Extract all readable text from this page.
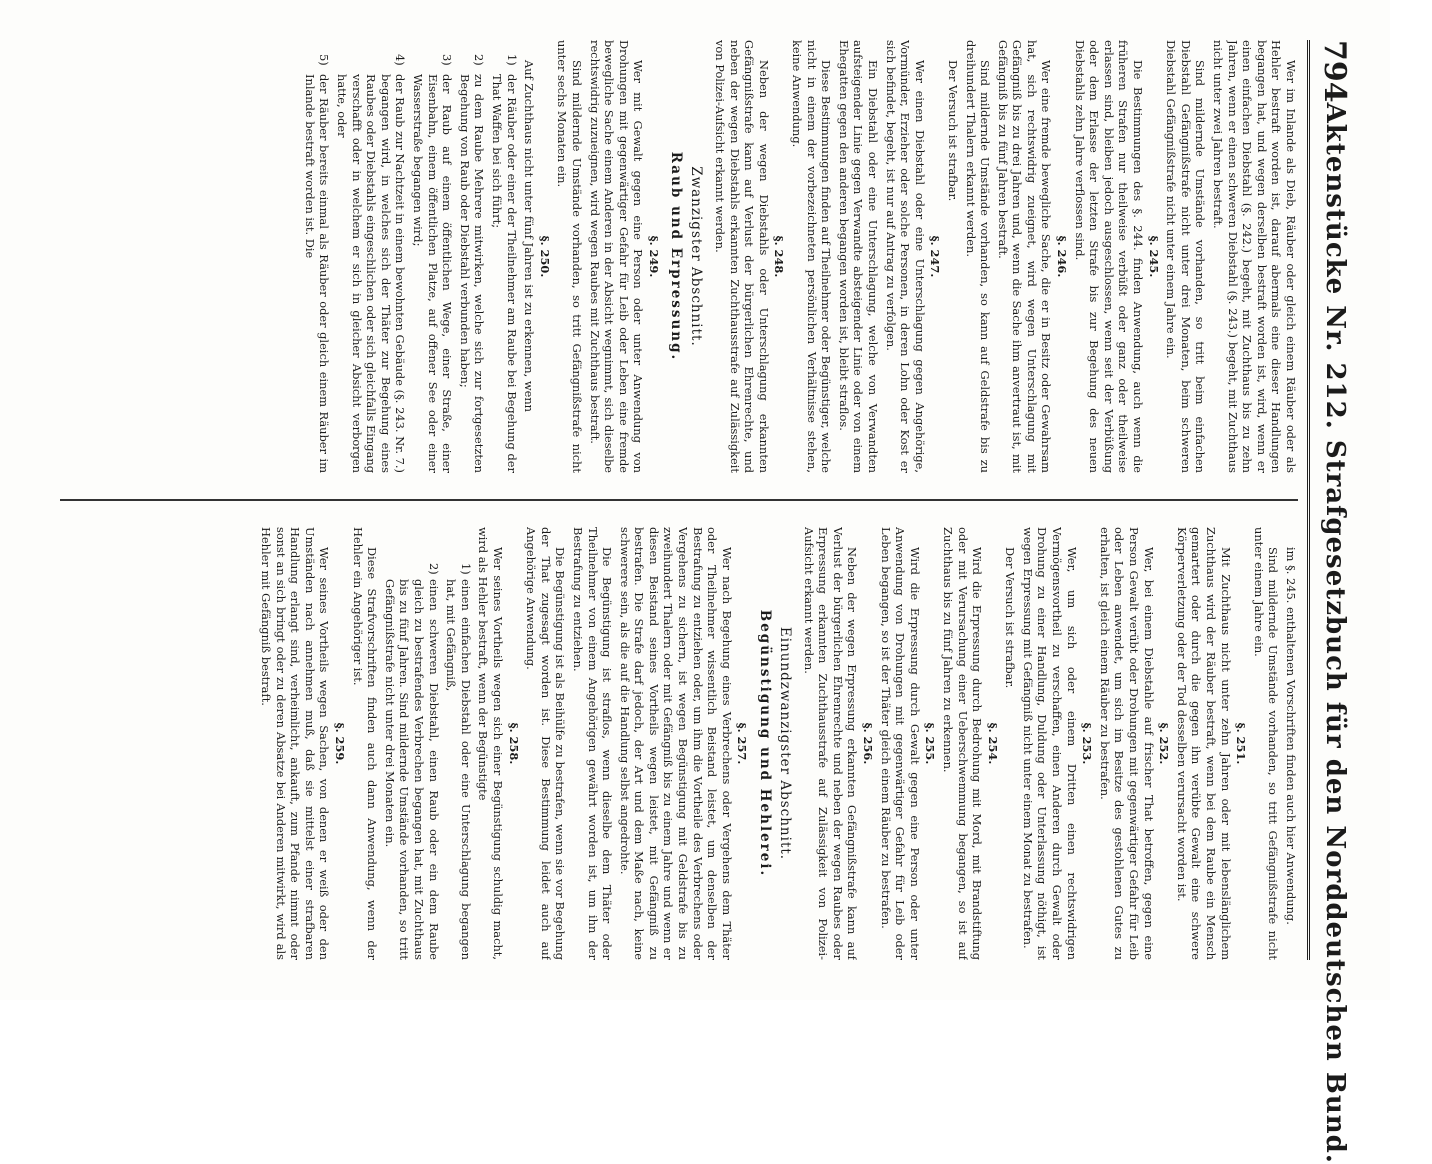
794
Aktenstücke Nr. 212. Strafgesetzbuch für den Norddeutschen Bund.

Wer im Inlande als Dieb, Räuber oder gleich einem Räuber oder als Hehler bestraft worden ist, darauf abermals eine dieser Handlungen begangen hat, und wegen derselben bestraft worden ist, wird, wenn er einen einfachen Diebstahl (§. 242.) begeht, mit Zuchthaus bis zu zehn Jahren, wenn er einen schweren Diebstahl (§. 243.) begeht, mit Zuchthaus nicht unter zwei Jahren bestraft.

Sind mildernde Umstände vorhanden, so tritt beim einfachen Diebstahl Gefängnißstrafe nicht unter drei Monaten, beim schweren Diebstahl Gefängnißstrafe nicht unter einem Jahre ein.

§. 245.

Die Bestimmungen des §. 244. finden Anwendung, auch wenn die früheren Strafen nur theilweise verbüßt oder ganz oder theilweise erlassen sind, bleiben jedoch ausgeschlossen, wenn seit der Verbüßung oder dem Erlasse der letzten Strafe bis zur Begehung des neuen Diebstahls zehn Jahre verflossen sind.

§. 246.

Wer eine fremde bewegliche Sache, die er in Besitz oder Gewahrsam hat, sich rechtswidrig zueignet, wird wegen Unterschlagung mit Gefängniß bis zu drei Jahren und, wenn die Sache ihm anvertraut ist, mit Gefängniß bis zu fünf Jahren bestraft.

Sind mildernde Umstände vorhanden, so kann auf Geldstrafe bis zu dreihundert Thalern erkannt werden.

Der Versuch ist strafbar.

§. 247.

Wer einen Diebstahl oder eine Unterschlagung gegen Angehörige, Vormünder, Erzieher oder solche Personen, in deren Lohn oder Kost er sich befindet, begeht, ist nur auf Antrag zu verfolgen.

Ein Diebstahl oder eine Unterschlagung, welche von Verwandten aufsteigender Linie gegen Verwandte absteigender Linie oder von einem Ehegatten gegen den anderen begangen worden ist, bleibt straflos.

Diese Bestimmungen finden auf Theilnehmer oder Begünstiger, welche nicht in einem der vorbezeichneten persönlichen Verhältnisse stehen, keine Anwendung.

§. 248.

Neben der wegen Diebstahls oder Unterschlagung erkannten Gefängnißstrafe kann auf Verlust der bürgerlichen Ehrenrechte, und neben der wegen Diebstahls erkannten Zuchthausstrafe auf Zulässigkeit von Polizei-Aufsicht erkannt werden.

Zwanzigster Abschnitt.

Raub und Erpressung.

§. 249.

Wer mit Gewalt gegen eine Person oder unter Anwendung von Drohungen mit gegenwärtiger Gefahr für Leib oder Leben eine fremde bewegliche Sache einem Anderen in der Absicht wegnimmt, sich dieselbe rechtswidrig zuzueignen, wird wegen Raubes mit Zuchthaus bestraft.

Sind mildernde Umstände vorhanden, so tritt Gefängnißstrafe nicht unter sechs Monaten ein.

§. 250.

Auf Zuchthaus nicht unter fünf Jahren ist zu erkennen, wenn

1)
der Räuber oder einer der Theilnehmer am Raube bei Begehung der That Waffen bei sich führt;

2)
zu dem Raube Mehrere mitwirken, welche sich zur fortgesetzten Begehung von Raub oder Diebstahl verbunden haben;

3)
der Raub auf einem öffentlichen Wege, einer Straße, einer Eisenbahn, einem öffentlichen Platze, auf offener See oder einer Wasserstraße begangen wird;

4)
der Raub zur Nachtzeit in einem bewohnten Gebäude (§. 243. Nr. 7.) begangen wird, in welches sich der Thäter zur Begehung eines Raubes oder Diebstahls eingeschlichen oder sich gleichfalls Eingang verschafft oder in welchem er sich in gleicher Absicht verborgen hatte, oder

5)
der Räuber bereits einmal als Räuber oder gleich einem Räuber im Inlande bestraft worden ist. Die

im §. 245. enthaltenen Vorschriften finden auch hier Anwendung.

Sind mildernde Umstände vorhanden, so tritt Gefängnißstrafe nicht unter einem Jahre ein.

§. 251.

Mit Zuchthaus nicht unter zehn Jahren oder mit lebenslänglichem Zuchthaus wird der Räuber bestraft, wenn bei dem Raube ein Mensch gemartert oder durch die gegen ihn verübte Gewalt eine schwere Körperverletzung oder der Tod desselben verursacht worden ist.

§. 252.

Wer, bei einem Diebstahle auf frischer That betroffen, gegen eine Person Gewalt verübt oder Drohungen mit gegenwärtiger Gefahr für Leib oder Leben anwendet, um sich im Besitze des gestohlenen Gutes zu erhalten, ist gleich einem Räuber zu bestrafen.

§. 253.

Wer, um sich oder einem Dritten einen rechtswidrigen Vermögensvortheil zu verschaffen, einen Anderen durch Gewalt oder Drohung zu einer Handlung, Duldung oder Unterlassung nöthigt, ist wegen Erpressung mit Gefängniß nicht unter einem Monat zu bestrafen.

Der Versuch ist strafbar.

§. 254.

Wird die Erpressung durch Bedrohung mit Mord, mit Brandstiftung oder mit Verursachung einer Ueberschwemmung begangen, so ist auf Zuchthaus bis zu fünf Jahren zu erkennen.

§. 255.

Wird die Erpressung durch Gewalt gegen eine Person oder unter Anwendung von Drohungen mit gegenwärtiger Gefahr für Leib oder Leben begangen, so ist der Thäter gleich einem Räuber zu bestrafen.

§. 256.

Neben der wegen Erpressung erkannten Gefängnißstrafe kann auf Verlust der bürgerlichen Ehrenrechte und neben der wegen Raubes oder Erpressung erkannten Zuchthausstrafe auf Zulässigkeit von Polizei-Aufsicht erkannt werden.

Einundzwanzigster Abschnitt.

Begünstigung und Hehlerei.

§. 257.

Wer nach Begehung eines Verbrechens oder Vergehens dem Thäter oder Theilnehmer wissentlich Beistand leistet, um denselben der Bestrafung zu entziehen oder, um ihm die Vortheile des Verbrechens oder Vergehens zu sichern, ist wegen Begünstigung mit Geldstrafe bis zu zweihundert Thalern oder mit Gefängniß bis zu einem Jahre und wenn er diesen Beistand seines Vortheils wegen leistet, mit Gefängniß zu bestrafen. Die Strafe darf jedoch, der Art und dem Maße nach, keine schwerere sein, als die auf die Handlung selbst angedrohte.

Die Begünstigung ist straflos, wenn dieselbe dem Thäter oder Theilnehmer von einem Angehörigen gewährt worden ist, um ihn der Bestrafung zu entziehen.

Die Begünstigung ist als Beihülfe zu bestrafen, wenn sie vor Begehung der That zugesagt worden ist. Diese Bestimmung leidet auch auf Angehörige Anwendung.

§. 258.

Wer seines Vortheils wegen sich einer Begünstigung schuldig macht, wird als Hehler bestraft, wenn der Begünstigte

1)
einen einfachen Diebstahl oder eine Unterschlagung begangen hat, mit Gefängniß,

2)
einen schweren Diebstahl, einen Raub oder ein dem Raube gleich zu bestrafendes Verbrechen begangen hat, mit Zuchthaus bis zu fünf Jahren. Sind mildernde Umstände vorhanden, so tritt Gefängnißstrafe nicht unter drei Monaten ein.

Diese Strafvorschriften finden auch dann Anwendung, wenn der Hehler ein Angehöriger ist.

§. 259.

Wer seines Vortheils wegen Sachen, von denen er weiß oder den Umständen nach annehmen muß, daß sie mittelst einer strafbaren Handlung erlangt sind, verheimlicht, ankauft, zum Pfande nimmt oder sonst an sich bringt oder zu deren Absatze bei Anderen mitwirkt, wird als Hehler mit Gefängniß bestraft.
